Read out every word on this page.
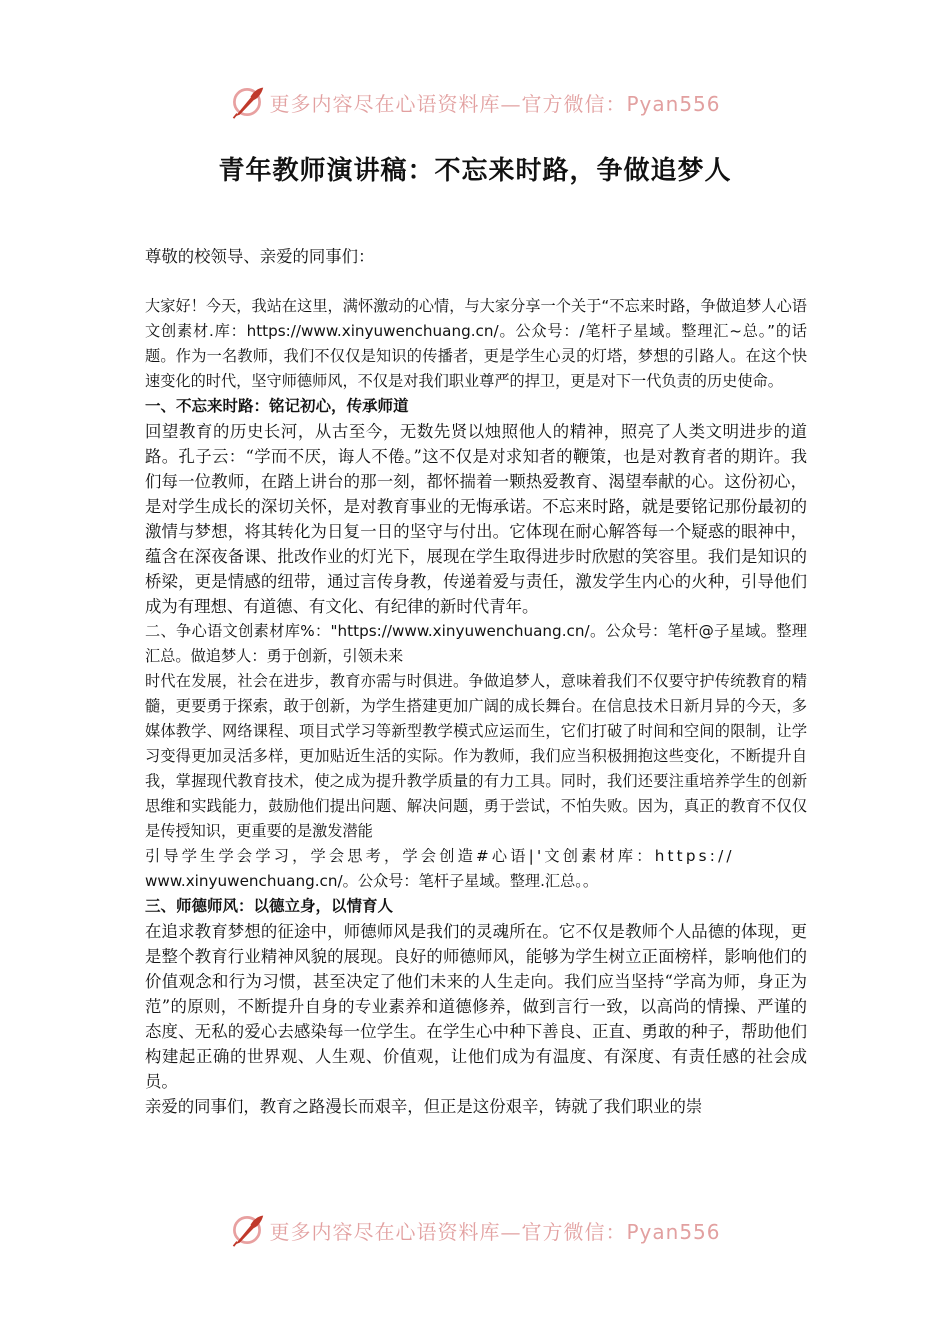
更多内容尽在心语资料库—官方微信：Pyan556
青年教师演讲稿：不忘来时路，争做追梦人

尊敬的校领导、亲爱的同事们：

大家好！今天，我站在这里，满怀激动的心情，与大家分享一个关于“不忘来时路，争做追梦人心语文创素材.库：https://www.xinyuwenchuang.cn/。公众号：/笔杆子星域。整理汇~总。”的话题。作为一名教师，我们不仅仅是知识的传播者，更是学生心灵的灯塔，梦想的引路人。在这个快速变化的时代，坚守师德师风，不仅是对我们职业尊严的捍卫，更是对下一代负责的历史使命。

一、不忘来时路：铭记初心，传承师道

回望教育的历史长河，从古至今，无数先贤以烛照他人的精神，照亮了人类文明进步的道路。孔子云：“学而不厌，诲人不倦。”这不仅是对求知者的鞭策，也是对教育者的期许。我们每一位教师，在踏上讲台的那一刻，都怀揣着一颗热爱教育、渴望奉献的心。这份初心，是对学生成长的深切关怀，是对教育事业的无悔承诺。不忘来时路，就是要铭记那份最初的激情与梦想，将其转化为日复一日的坚守与付出。它体现在耐心解答每一个疑惑的眼神中，蕴含在深夜备课、批改作业的灯光下，展现在学生取得进步时欣慰的笑容里。我们是知识的桥梁，更是情感的纽带，通过言传身教，传递着爱与责任，激发学生内心的火种，引导他们成为有理想、有道德、有文化、有纪律的新时代青年。

二、争心语文创素材库%："https://www.xinyuwenchuang.cn/。公众号：笔杆@子星域。整理汇总。做追梦人：勇于创新，引领未来

时代在发展，社会在进步，教育亦需与时俱进。争做追梦人，意味着我们不仅要守护传统教育的精髓，更要勇于探索，敢于创新，为学生搭建更加广阔的成长舞台。在信息技术日新月异的今天，多媒体教学、网络课程、项目式学习等新型教学模式应运而生，它们打破了时间和空间的限制，让学习变得更加灵活多样，更加贴近生活的实际。作为教师，我们应当积极拥抱这些变化，不断提升自我，掌握现代教育技术，使之成为提升教学质量的有力工具。同时，我们还要注重培养学生的创新思维和实践能力，鼓励他们提出问题、解决问题，勇于尝试，不怕失败。因为，真正的教育不仅仅是传授知识，更重要的是激发潜能
引导学生学会学习，学会思考，学会创造#心语|'文创素材库：https://
www.xinyuwenchuang.cn/。公众号：笔杆子星域。整理.汇总。。

三、师德师风：以德立身，以情育人

在追求教育梦想的征途中，师德师风是我们的灵魂所在。它不仅是教师个人品德的体现，更是整个教育行业精神风貌的展现。良好的师德师风，能够为学生树立正面榜样，影响他们的价值观念和行为习惯，甚至决定了他们未来的人生走向。我们应当坚持“学高为师，身正为范”的原则，不断提升自身的专业素养和道德修养，做到言行一致，以高尚的情操、严谨的态度、无私的爱心去感染每一位学生。在学生心中种下善良、正直、勇敢的种子，帮助他们构建起正确的世界观、人生观、价值观，让他们成为有温度、有深度、有责任感的社会成员。

亲爱的同事们，教育之路漫长而艰辛，但正是这份艰辛，铸就了我们职业的崇

更多内容尽在心语资料库—官方微信：Pyan556
